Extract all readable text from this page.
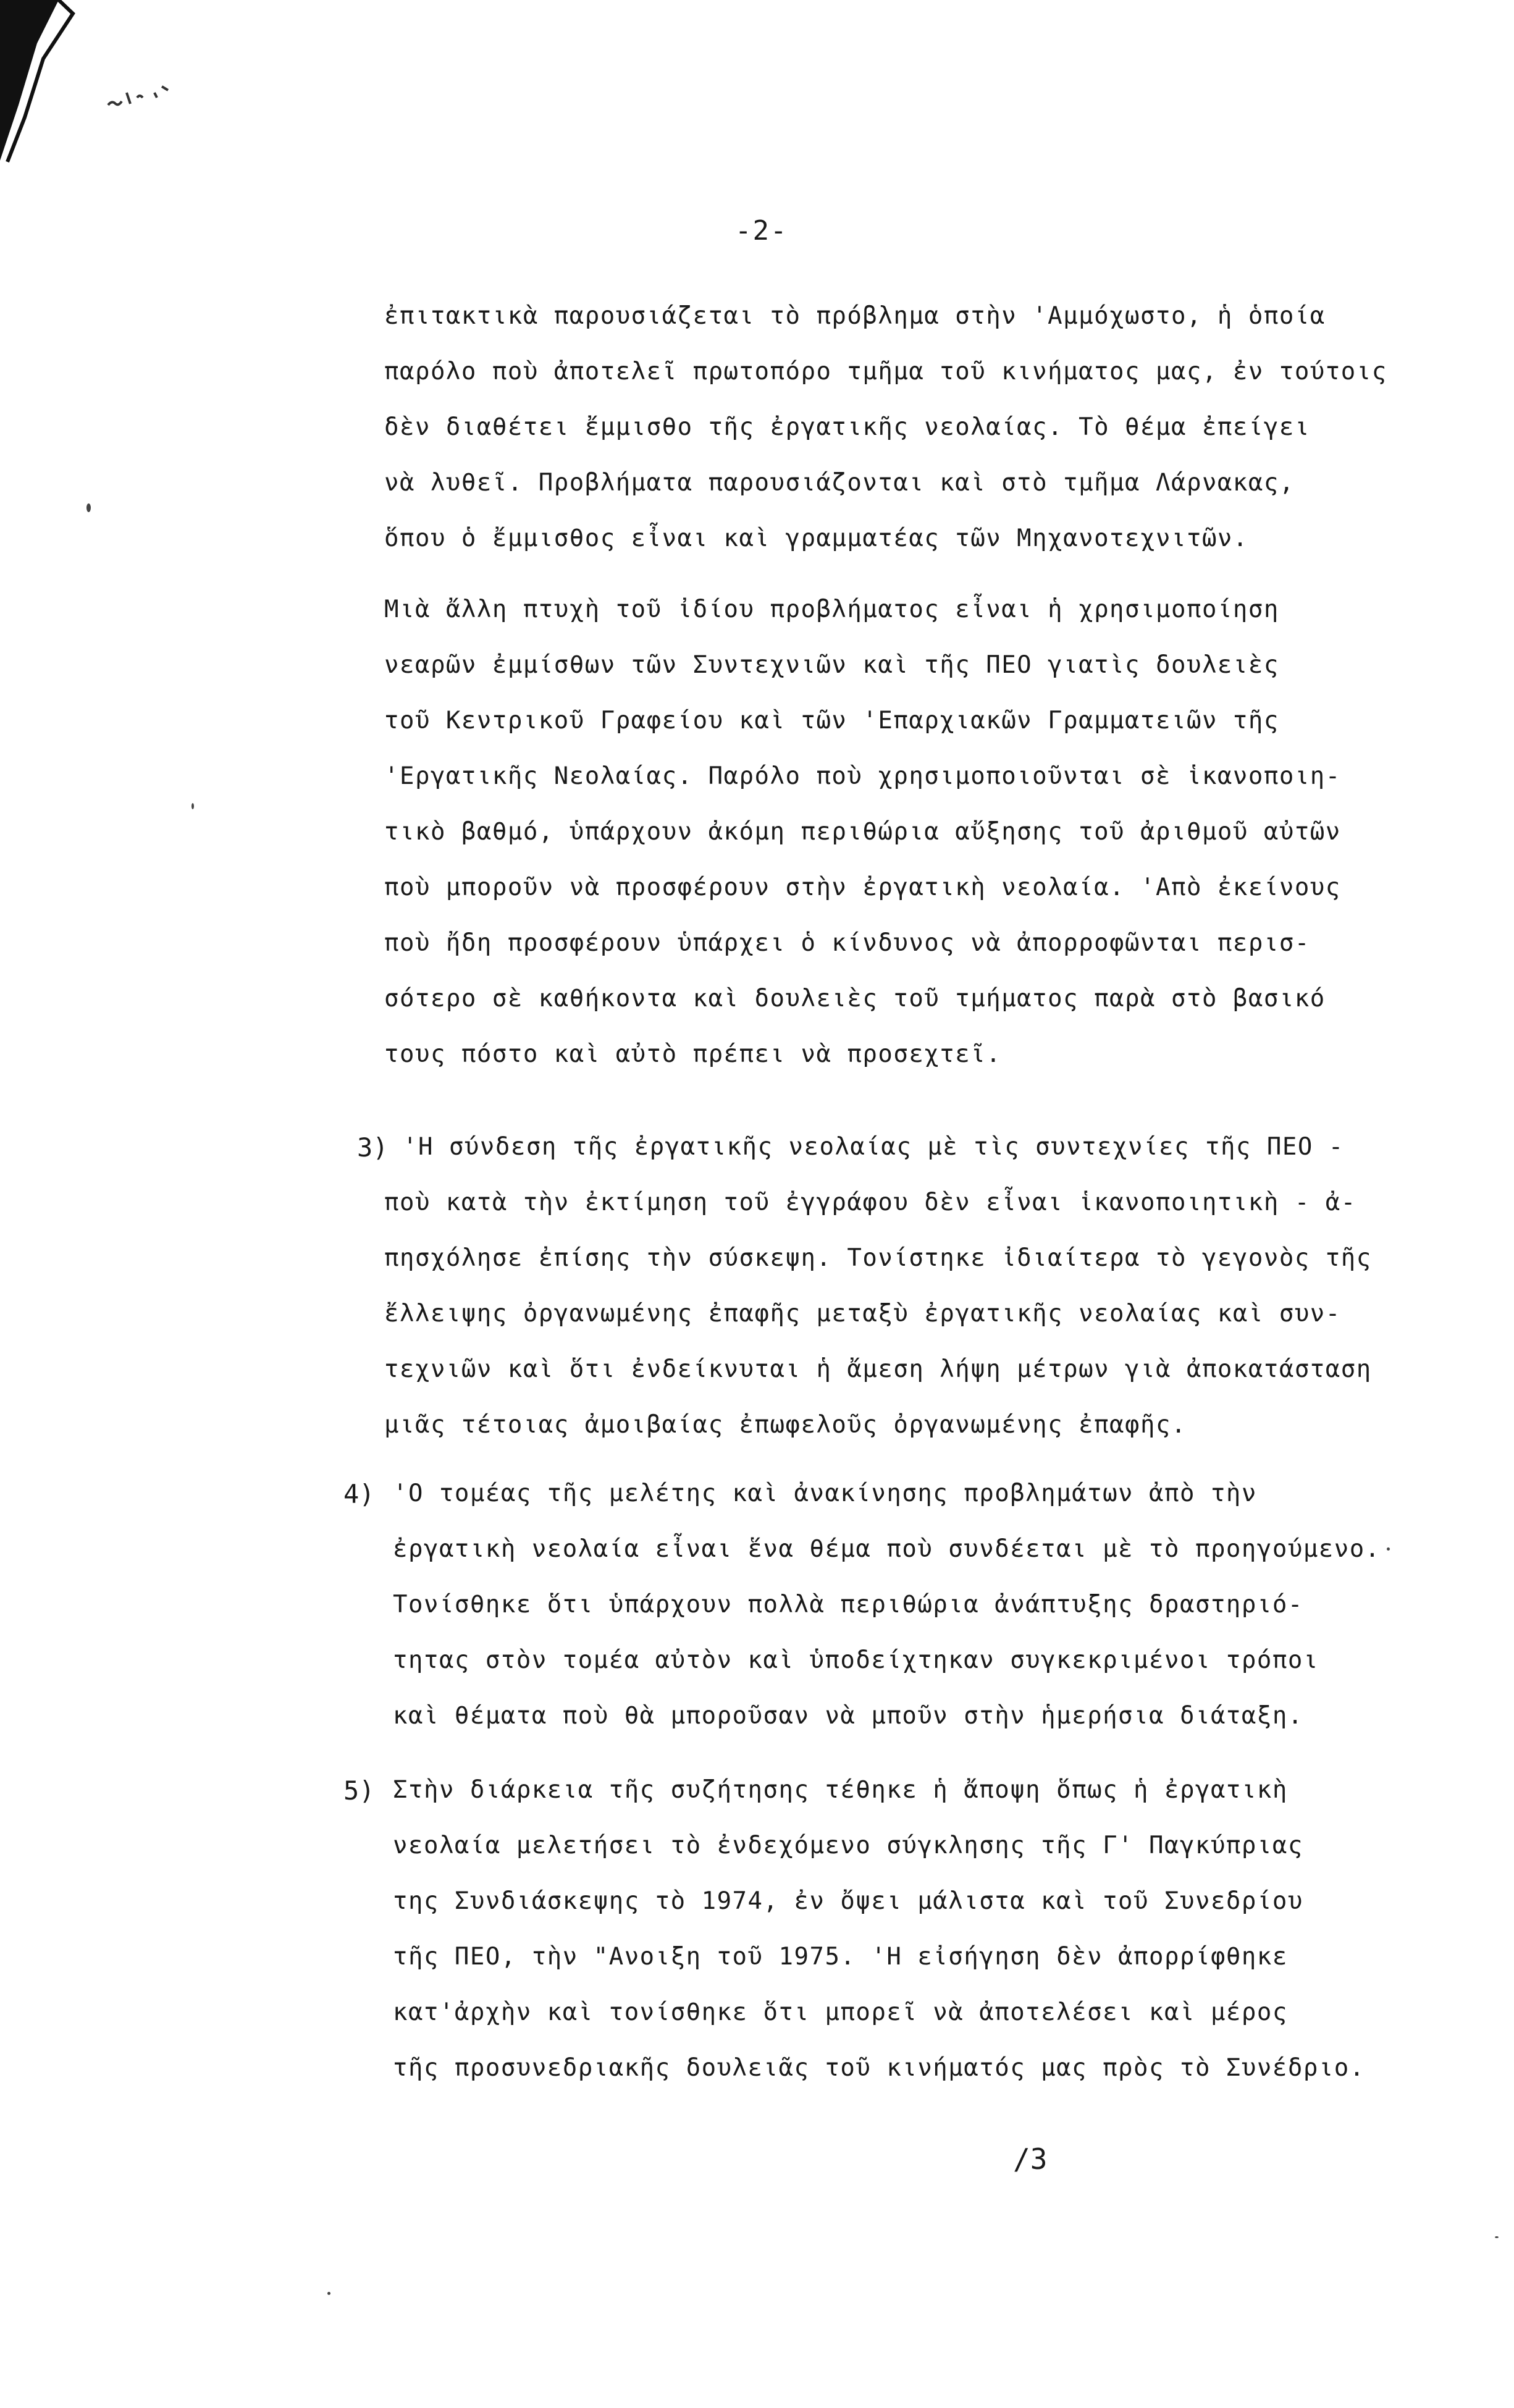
-2-
ἐπιτακτικὰ παρουσιάζεται τὸ πρόβλημα στὴν 'Αμμόχωστο, ἡ ὁποία
παρόλο ποὺ ἀποτελεῖ πρωτοπόρο τμῆμα τοῦ κινήματος μας, ἐν τούτοις
δὲν διαθέτει ἔμμισθο τῆς ἐργατικῆς νεολαίας. Τὸ θέμα ἐπείγει
νὰ λυθεῖ. Προβλήματα παρουσιάζονται καὶ στὸ τμῆμα Λάρνακας,
ὅπου ὁ ἔμμισθος εἶναι καὶ γραμματέας τῶν Μηχανοτεχνιτῶν.
Μιὰ ἄλλη πτυχὴ τοῦ ἰδίου προβλήματος εἶναι ἡ χρησιμοποίηση
νεαρῶν ἐμμίσθων τῶν Συντεχνιῶν καὶ τῆς ΠΕΟ γιατὶς δουλειὲς
τοῦ Κεντρικοῦ Γραφείου καὶ τῶν 'Επαρχιακῶν Γραμματειῶν τῆς
'Εργατικῆς Νεολαίας. Παρόλο ποὺ χρησιμοποιοῦνται σὲ ἱκανοποιη-
τικὸ βαθμό, ὑπάρχουν ἀκόμη περιθώρια αὔξησης τοῦ ἀριθμοῦ αὐτῶν
ποὺ μποροῦν νὰ προσφέρουν στὴν ἐργατικὴ νεολαία. 'Απὸ ἐκείνους
ποὺ ἤδη προσφέρουν ὑπάρχει ὁ κίνδυνος νὰ ἀπορροφῶνται περισ-
σότερο σὲ καθήκοντα καὶ δουλειὲς τοῦ τμήματος παρὰ στὸ βασικό
τους πόστο καὶ αὐτὸ πρέπει νὰ προσεχτεῖ.
3) 'Η σύνδεση τῆς ἐργατικῆς νεολαίας μὲ τὶς συντεχνίες τῆς ΠΕΟ -
ποὺ κατὰ τὴν ἐκτίμηση τοῦ ἐγγράφου δὲν εἶναι ἱκανοποιητικὴ - ἀ-
πησχόλησε ἐπίσης τὴν σύσκεψη. Τονίστηκε ἰδιαίτερα τὸ γεγονὸς τῆς
ἔλλειψης ὀργανωμένης ἐπαφῆς μεταξὺ ἐργατικῆς νεολαίας καὶ συν-
τεχνιῶν καὶ ὅτι ἐνδείκνυται ἡ ἄμεση λήψη μέτρων γιὰ ἀποκατάσταση
μιᾶς τέτοιας ἀμοιβαίας ἐπωφελοῦς ὀργανωμένης ἐπαφῆς.
4) 'Ο τομέας τῆς μελέτης καὶ ἀνακίνησης προβλημάτων ἀπὸ τὴν
ἐργατικὴ νεολαία εἶναι ἕνα θέμα ποὺ συνδέεται μὲ τὸ προηγούμενο.
Τονίσθηκε ὅτι ὑπάρχουν πολλὰ περιθώρια ἀνάπτυξης δραστηριό-
τητας στὸν τομέα αὐτὸν καὶ ὑποδείχτηκαν συγκεκριμένοι τρόποι
καὶ θέματα ποὺ θὰ μποροῦσαν νὰ μποῦν στὴν ἡμερήσια διάταξη.
5) Στὴν διάρκεια τῆς συζήτησης τέθηκε ἡ ἄποψη ὅπως ἡ ἐργατικὴ
νεολαία μελετήσει τὸ ἐνδεχόμενο σύγκλησης τῆς Γ' Παγκύπριας
της Συνδιάσκεψης τὸ 1974, ἐν ὄψει μάλιστα καὶ τοῦ Συνεδρίου
τῆς ΠΕΟ, τὴν "Ανοιξη τοῦ 1975. 'Η εἰσήγηση δὲν ἀπορρίφθηκε
κατ'ἀρχὴν καὶ τονίσθηκε ὅτι μπορεῖ νὰ ἀποτελέσει καὶ μέρος
τῆς προσυνεδριακῆς δουλειᾶς τοῦ κινήματός μας πρὸς τὸ Συνέδριο.
/3
